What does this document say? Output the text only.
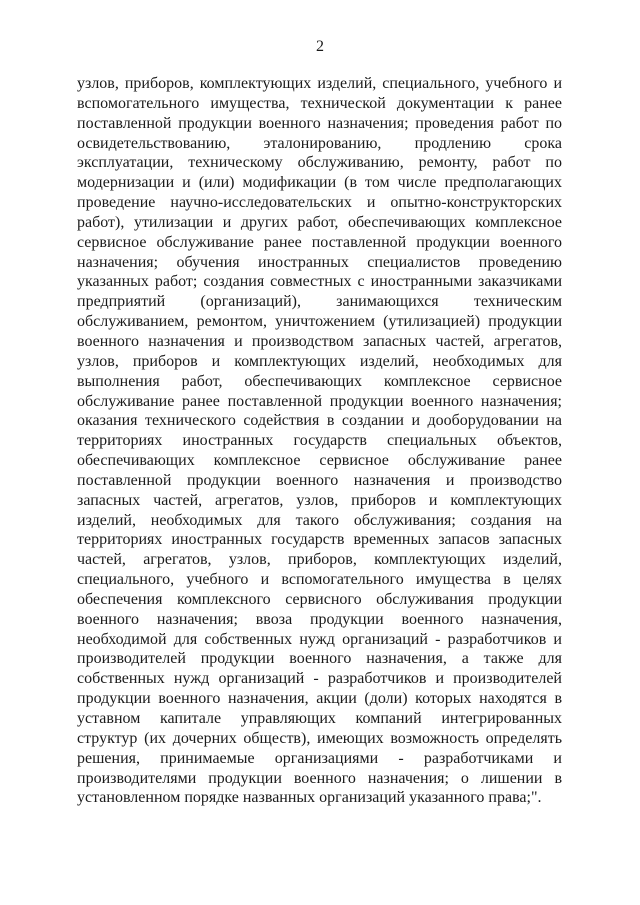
2

узлов, приборов, комплектующих изделий, специального, учебного и вспомогательного имущества, технической документации к ранее поставленной продукции военного назначения; проведения работ по освидетельствованию, эталонированию, продлению срока эксплуатации, техническому обслуживанию, ремонту, работ по модернизации и (или) модификации (в том числе предполагающих проведение научно-исследовательских и опытно-конструкторских работ), утилизации и других работ, обеспечивающих комплексное сервисное обслуживание ранее поставленной продукции военного назначения; обучения иностранных специалистов проведению указанных работ; создания совместных с иностранными заказчиками предприятий (организаций), занимающихся техническим обслуживанием, ремонтом, уничтожением (утилизацией) продукции военного назначения и производством запасных частей, агрегатов, узлов, приборов и комплектующих изделий, необходимых для выполнения работ, обеспечивающих комплексное сервисное обслуживание ранее поставленной продукции военного назначения; оказания технического содействия в создании и дооборудовании на территориях иностранных государств специальных объектов, обеспечивающих комплексное сервисное обслуживание ранее поставленной продукции военного назначения и производство запасных частей, агрегатов, узлов, приборов и комплектующих изделий, необходимых для такого обслуживания; создания на территориях иностранных государств временных запасов запасных частей, агрегатов, узлов, приборов, комплектующих изделий, специального, учебного и вспомогательного имущества в целях обеспечения комплексного сервисного обслуживания продукции военного назначения; ввоза продукции военного назначения, необходимой для собственных нужд организаций - разработчиков и производителей продукции военного назначения, а также для собственных нужд организаций - разработчиков и производителей продукции военного назначения, акции (доли) которых находятся в уставном капитале управляющих компаний интегрированных структур (их дочерних обществ), имеющих возможность определять решения, принимаемые организациями - разработчиками и производителями продукции военного назначения; о лишении в установленном порядке названных организаций указанного права;".
